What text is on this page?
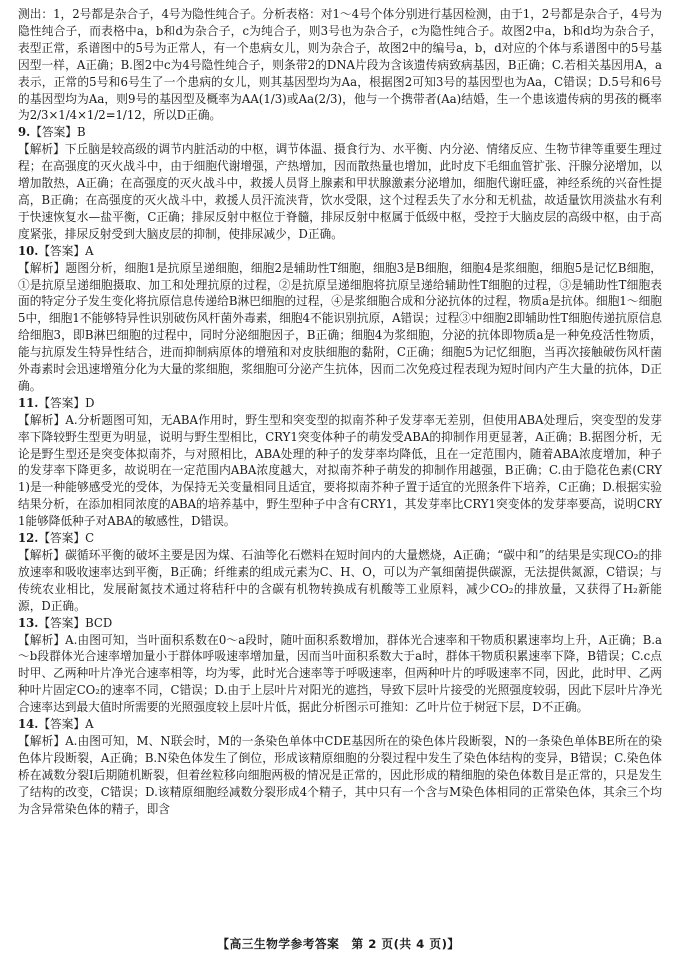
测出：1，2号都是杂合子，4号为隐性纯合子。分析表格：对1～4号个体分别进行基因检测，由于1，2号都是杂合子，4号为隐性纯合子，而表格中a，b和d为杂合子，c为纯合子，则3号也为杂合子，c为隐性纯合子。故图2中a，b和d均为杂合子，表型正常，系谱图中的5号为正常人，有一个患病女儿，则为杂合子，故图2中的编号a，b，d对应的个体与系谱图中的5号基因型一样，A正确；B.图2中c为4号隐性纯合子，则条带2的DNA片段为含该遗传病致病基因，B正确；C.若相关基因用A，a表示，正常的5号和6号生了一个患病的女儿，则其基因型均为Aa，根据图2可知3号的基因型也为Aa，C错误；D.5号和6号的基因型均为Aa，则9号的基因型及概率为AA(1/3)或Aa(2/3)，他与一个携带者(Aa)结婚，生一个患该遗传病的男孩的概率为2/3×1/4×1/2=1/12，所以D正确。

9.【答案】B

【解析】下丘脑是较高级的调节内脏活动的中枢，调节体温、摄食行为、水平衡、内分泌、情绪反应、生物节律等重要生理过程；在高强度的灭火战斗中，由于细胞代谢增强，产热增加，因而散热量也增加，此时皮下毛细血管扩张、汗腺分泌增加，以增加散热，A正确；在高强度的灭火战斗中，救援人员肾上腺素和甲状腺激素分泌增加，细胞代谢旺盛，神经系统的兴奋性提高，B正确；在高强度的灭火战斗中，救援人员汗流浃背，饮水受限，这个过程丢失了水分和无机盐，故适量饮用淡盐水有利于快速恢复水—盐平衡，C正确；排尿反射中枢位于脊髓，排尿反射中枢属于低级中枢，受控于大脑皮层的高级中枢，由于高度紧张，排尿反射受到大脑皮层的抑制，使排尿减少，D正确。

10.【答案】A

【解析】题图分析，细胞1是抗原呈递细胞，细胞2是辅助性T细胞，细胞3是B细胞，细胞4是浆细胞，细胞5是记忆B细胞，①是抗原呈递细胞摄取、加工和处理抗原的过程，②是抗原呈递细胞将抗原呈递给辅助性T细胞的过程，③是辅助性T细胞表面的特定分子发生变化将抗原信息传递给B淋巴细胞的过程，④是浆细胞合成和分泌抗体的过程，物质a是抗体。细胞1～细胞5中，细胞1不能够特异性识别破伤风杆菌外毒素，细胞4不能识别抗原，A错误；过程③中细胞2即辅助性T细胞传递抗原信息给细胞3，即B淋巴细胞的过程中，同时分泌细胞因子，B正确；细胞4为浆细胞，分泌的抗体即物质a是一种免疫活性物质，能与抗原发生特异性结合，进而抑制病原体的增殖和对皮肤细胞的黏附，C正确；细胞5为记忆细胞，当再次接触破伤风杆菌外毒素时会迅速增殖分化为大量的浆细胞，浆细胞可分泌产生抗体，因而二次免疫过程表现为短时间内产生大量的抗体，D正确。

11.【答案】D

【解析】A.分析题图可知，无ABA作用时，野生型和突变型的拟南芥种子发芽率无差别，但使用ABA处理后，突变型的发芽率下降较野生型更为明显，说明与野生型相比，CRY1突变体种子的萌发受ABA的抑制作用更显著，A正确；B.据图分析，无论是野生型还是突变体拟南芥，与对照相比，ABA处理的种子的发芽率均降低，且在一定范围内，随着ABA浓度增加，种子的发芽率下降更多，故说明在一定范围内ABA浓度越大，对拟南芥种子萌发的抑制作用越强，B正确；C.由于隐花色素(CRY1)是一种能够感受光的受体，为保持无关变量相同且适宜，要将拟南芥种子置于适宜的光照条件下培养，C正确；D.根据实验结果分析，在添加相同浓度的ABA的培养基中，野生型种子中含有CRY1，其发芽率比CRY1突变体的发芽率要高，说明CRY1能够降低种子对ABA的敏感性，D错误。

12.【答案】C

【解析】碳循环平衡的破坏主要是因为煤、石油等化石燃料在短时间内的大量燃烧，A正确；“碳中和”的结果是实现CO₂的排放速率和吸收速率达到平衡，B正确；纤维素的组成元素为C、H、O，可以为产氧细菌提供碳源，无法提供氮源，C错误；与传统农业相比，发展耐氮技术通过将秸秆中的含碳有机物转换成有机酸等工业原料，减少CO₂的排放量，又获得了H₂新能源，D正确。

13.【答案】BCD

【解析】A.由图可知，当叶面积系数在0～a段时，随叶面积系数增加，群体光合速率和干物质积累速率均上升，A正确；B.a～b段群体光合速率增加量小于群体呼吸速率增加量，因而当叶面积系数大于a时，群体干物质积累速率下降，B错误；C.c点时甲、乙两种叶片净光合速率相等，均为零，此时光合速率等于呼吸速率，但两种叶片的呼吸速率不同，因此，此时甲、乙两种叶片固定CO₂的速率不同，C错误；D.由于上层叶片对阳光的遮挡，导致下层叶片接受的光照强度较弱，因此下层叶片净光合速率达到最大值时所需要的光照强度较上层叶片低，据此分析图示可推知：乙叶片位于树冠下层，D不正确。

14.【答案】A

【解析】A.由图可知，M、N联会时，M的一条染色单体中CDE基因所在的染色体片段断裂，N的一条染色单体BE所在的染色体片段断裂，A正确；B.N染色体发生了倒位，形成该精原细胞的分裂过程中发生了染色体结构的变异，B错误；C.染色体桥在减数分裂Ⅰ后期随机断裂，但着丝粒移向细胞两极的情况是正常的，因此形成的精细胞的染色体数目是正常的，只是发生了结构的改变，C错误；D.该精原细胞经减数分裂形成4个精子，其中只有一个含与M染色体相同的正常染色体，其余三个均为含异常染色体的精子，即含

【高三生物学参考答案　第 2 页(共 4 页)】
